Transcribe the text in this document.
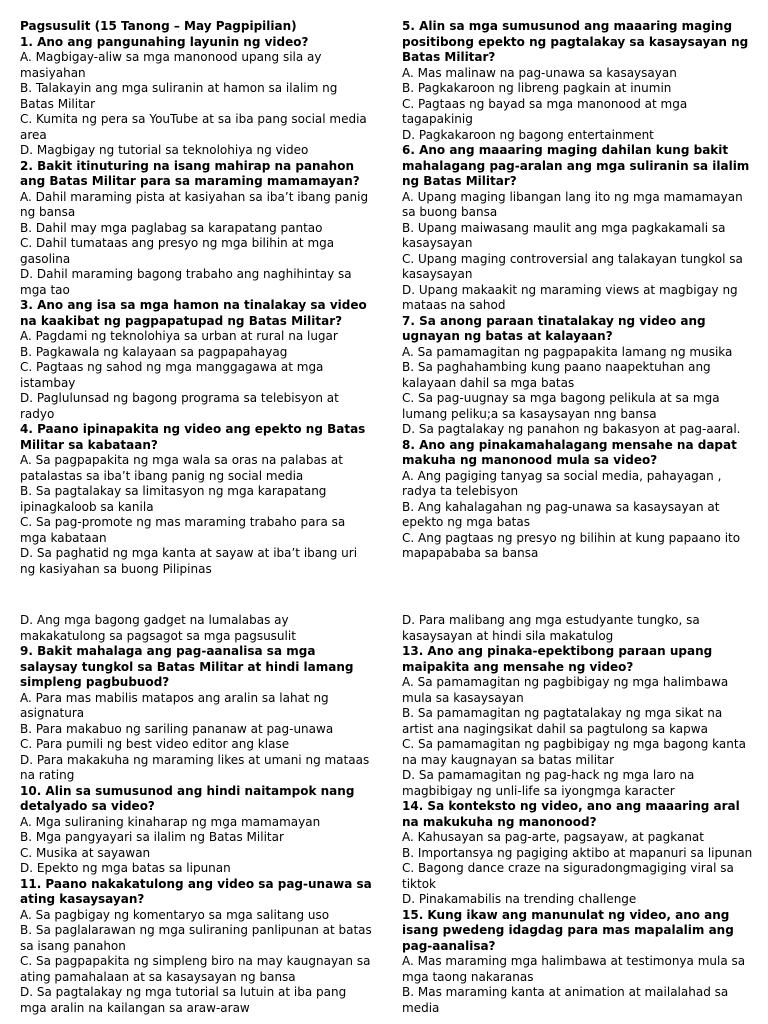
Pagsusulit (15 Tanong – May Pagpipilian)
1. Ano ang pangunahing layunin ng video?
A. Magbigay-aliw sa mga manonood upang sila ay masiyahan
B. Talakayin ang mga suliranin at hamon sa ilalim ng Batas Militar
C. Kumita ng pera sa YouTube at sa iba pang social media area
D. Magbigay ng tutorial sa teknolohiya ng video
2. Bakit itinuturing na isang mahirap na panahon ang Batas Militar para sa maraming mamamayan?
A. Dahil maraming pista at kasiyahan sa iba’t ibang panig ng bansa
B. Dahil may mga paglabag sa karapatang pantao
C. Dahil tumataas ang presyo ng mga bilihin at mga gasolina
D. Dahil maraming bagong trabaho ang naghihintay sa mga tao
3. Ano ang isa sa mga hamon na tinalakay sa video na kaakibat ng pagpapatupad ng Batas Militar?
A. Pagdami ng teknolohiya sa urban at rural na lugar
B. Pagkawala ng kalayaan sa pagpapahayag
C. Pagtaas ng sahod ng mga manggagawa at mga istambay
D. Paglulunsad ng bagong programa sa telebisyon at radyo
4. Paano ipinapakita ng video ang epekto ng Batas Militar sa kabataan?
A. Sa pagpapakita ng mga wala sa oras na palabas at patalastas sa iba’t ibang panig ng social media
B. Sa pagtalakay sa limitasyon ng mga karapatang ipinagkaloob sa kanila
C. Sa pag-promote ng mas maraming trabaho para sa mga kabataan
D. Sa paghatid ng mga kanta at sayaw at iba’t ibang uri ng kasiyahan sa buong Pilipinas
5. Alin sa mga sumusunod ang maaaring maging positibong epekto ng pagtalakay sa kasaysayan ng Batas Militar?
A. Mas malinaw na pag-unawa sa kasaysayan
B. Pagkakaroon ng libreng pagkain at inumin
C. Pagtaas ng bayad sa mga manonood at mga tagapakinig
D. Pagkakaroon ng bagong entertainment
6. Ano ang maaaring maging dahilan kung bakit mahalagang pag-aralan ang mga suliranin sa ilalim ng Batas Militar?
A. Upang maging libangan lang ito ng mga mamamayan sa buong bansa
B. Upang maiwasang maulit ang mga pagkakamali sa kasaysayan
C. Upang maging controversial ang talakayan tungkol sa kasaysayan
D. Upang makaakit ng maraming views at magbigay ng mataas na sahod
7. Sa anong paraan tinatalakay ng video ang ugnayan ng batas at kalayaan?
A. Sa pamamagitan ng pagpapakita lamang ng musika
B. Sa paghahambing kung paano naapektuhan ang kalayaan dahil sa mga batas
C. Sa pag-uugnay sa mga bagong pelikula at sa mga lumang peliku;a sa kasaysayan nng bansa
D. Sa pagtalakay ng panahon ng bakasyon at pag-aaral.
8. Ano ang pinakamahalagang mensahe na dapat makuha ng manonood mula sa video?
A. Ang pagiging tanyag sa social media, pahayagan , radya ta telebisyon
B. Ang kahalagahan ng pag-unawa sa kasaysayan at epekto ng mga batas
C. Ang pagtaas ng presyo ng bilihin at kung papaano ito mapapababa sa bansa
D. Ang mga bagong gadget na lumalabas ay makakatulong sa pagsagot sa mga pagsusulit
9. Bakit mahalaga ang pag-aanalisa sa mga salaysay tungkol sa Batas Militar at hindi lamang simpleng pagbubuod?
A. Para mas mabilis matapos ang aralin sa lahat ng asignatura
B. Para makabuo ng sariling pananaw at pag-unawa
C. Para pumili ng best video editor ang klase
D. Para makakuha ng maraming likes at umani ng mataas na rating
10. Alin sa sumusunod ang hindi naitampok nang detalyado sa video?
A. Mga suliraning kinaharap ng mga mamamayan
B. Mga pangyayari sa ilalim ng Batas Militar
C. Musika at sayawan
D. Epekto ng mga batas sa lipunan
11. Paano nakakatulong ang video sa pag-unawa sa ating kasaysayan?
A. Sa pagbigay ng komentaryo sa mga salitang uso
B. Sa paglalarawan ng mga suliraning panlipunan at batas sa isang panahon
C. Sa pagpapakita ng simpleng biro na may kaugnayan sa ating pamahalaan at sa kasaysayan ng bansa
D. Sa pagtalakay ng mga tutorial sa lutuin at iba pang mga aralin na kailangan sa araw-araw
D. Para malibang ang mga estudyante tungko, sa kasaysayan at hindi sila makatulog
13. Ano ang pinaka-epektibong paraan upang maipakita ang mensahe ng video?
A. Sa pamamagitan ng pagbibigay ng mga halimbawa mula sa kasaysayan
B. Sa pamamagitan ng pagtatalakay ng mga sikat na artist ana nagingsikat dahil sa pagtulong sa kapwa
C. Sa pamamagitan ng pagbibigay ng mga bagong kanta na may kaugnayan sa batas militar
D. Sa pamamagitan ng pag-hack ng mga laro na magbibigay ng unli-life sa iyongmga karacter
14. Sa konteksto ng video, ano ang maaaring aral na makukuha ng manonood?
A. Kahusayan sa pag-arte, pagsayaw, at pagkanat
B. Importansya ng pagiging aktibo at mapanuri sa lipunan
C. Bagong dance craze na siguradongmagiging viral sa tiktok
D. Pinakamabilis na trending challenge
15. Kung ikaw ang manunulat ng video, ano ang isang pwedeng idagdag para mas mapalalim ang pag-aanalisa?
A. Mas maraming mga halimbawa at testimonya mula sa mga taong nakaranas
B. Mas maraming kanta at animation at mailalahad sa media
